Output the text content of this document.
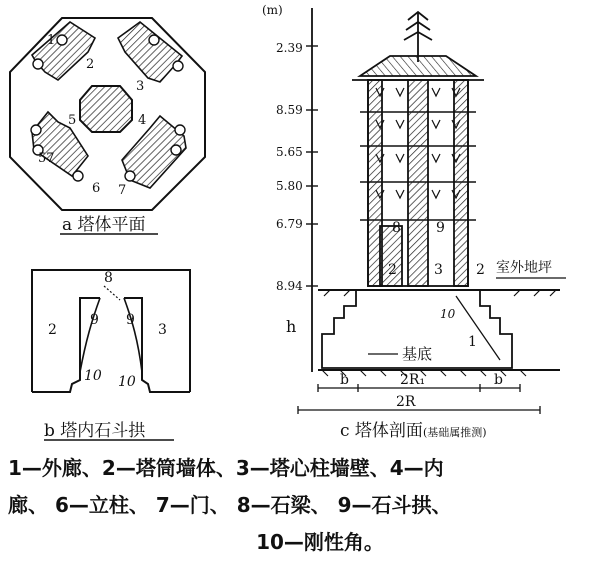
1
2
3
4
5
57
6 7
8
2
9 9
3
10 10
(m)
2.39
8.59
5.65
5.80
6.79
8.94
8	9
2	3 2
10
1
h
b	b
2R₁
2R
室外地坪
基底
a 塔体平面
b 塔内石斗拱	c 塔体剖面(基础属推测)
1—外廊、2—塔筒墙体、3—塔心柱墙壁、4—内
廊、 6—立柱、 7—门、 8—石梁、 9—石斗拱、
10—刚性角。
